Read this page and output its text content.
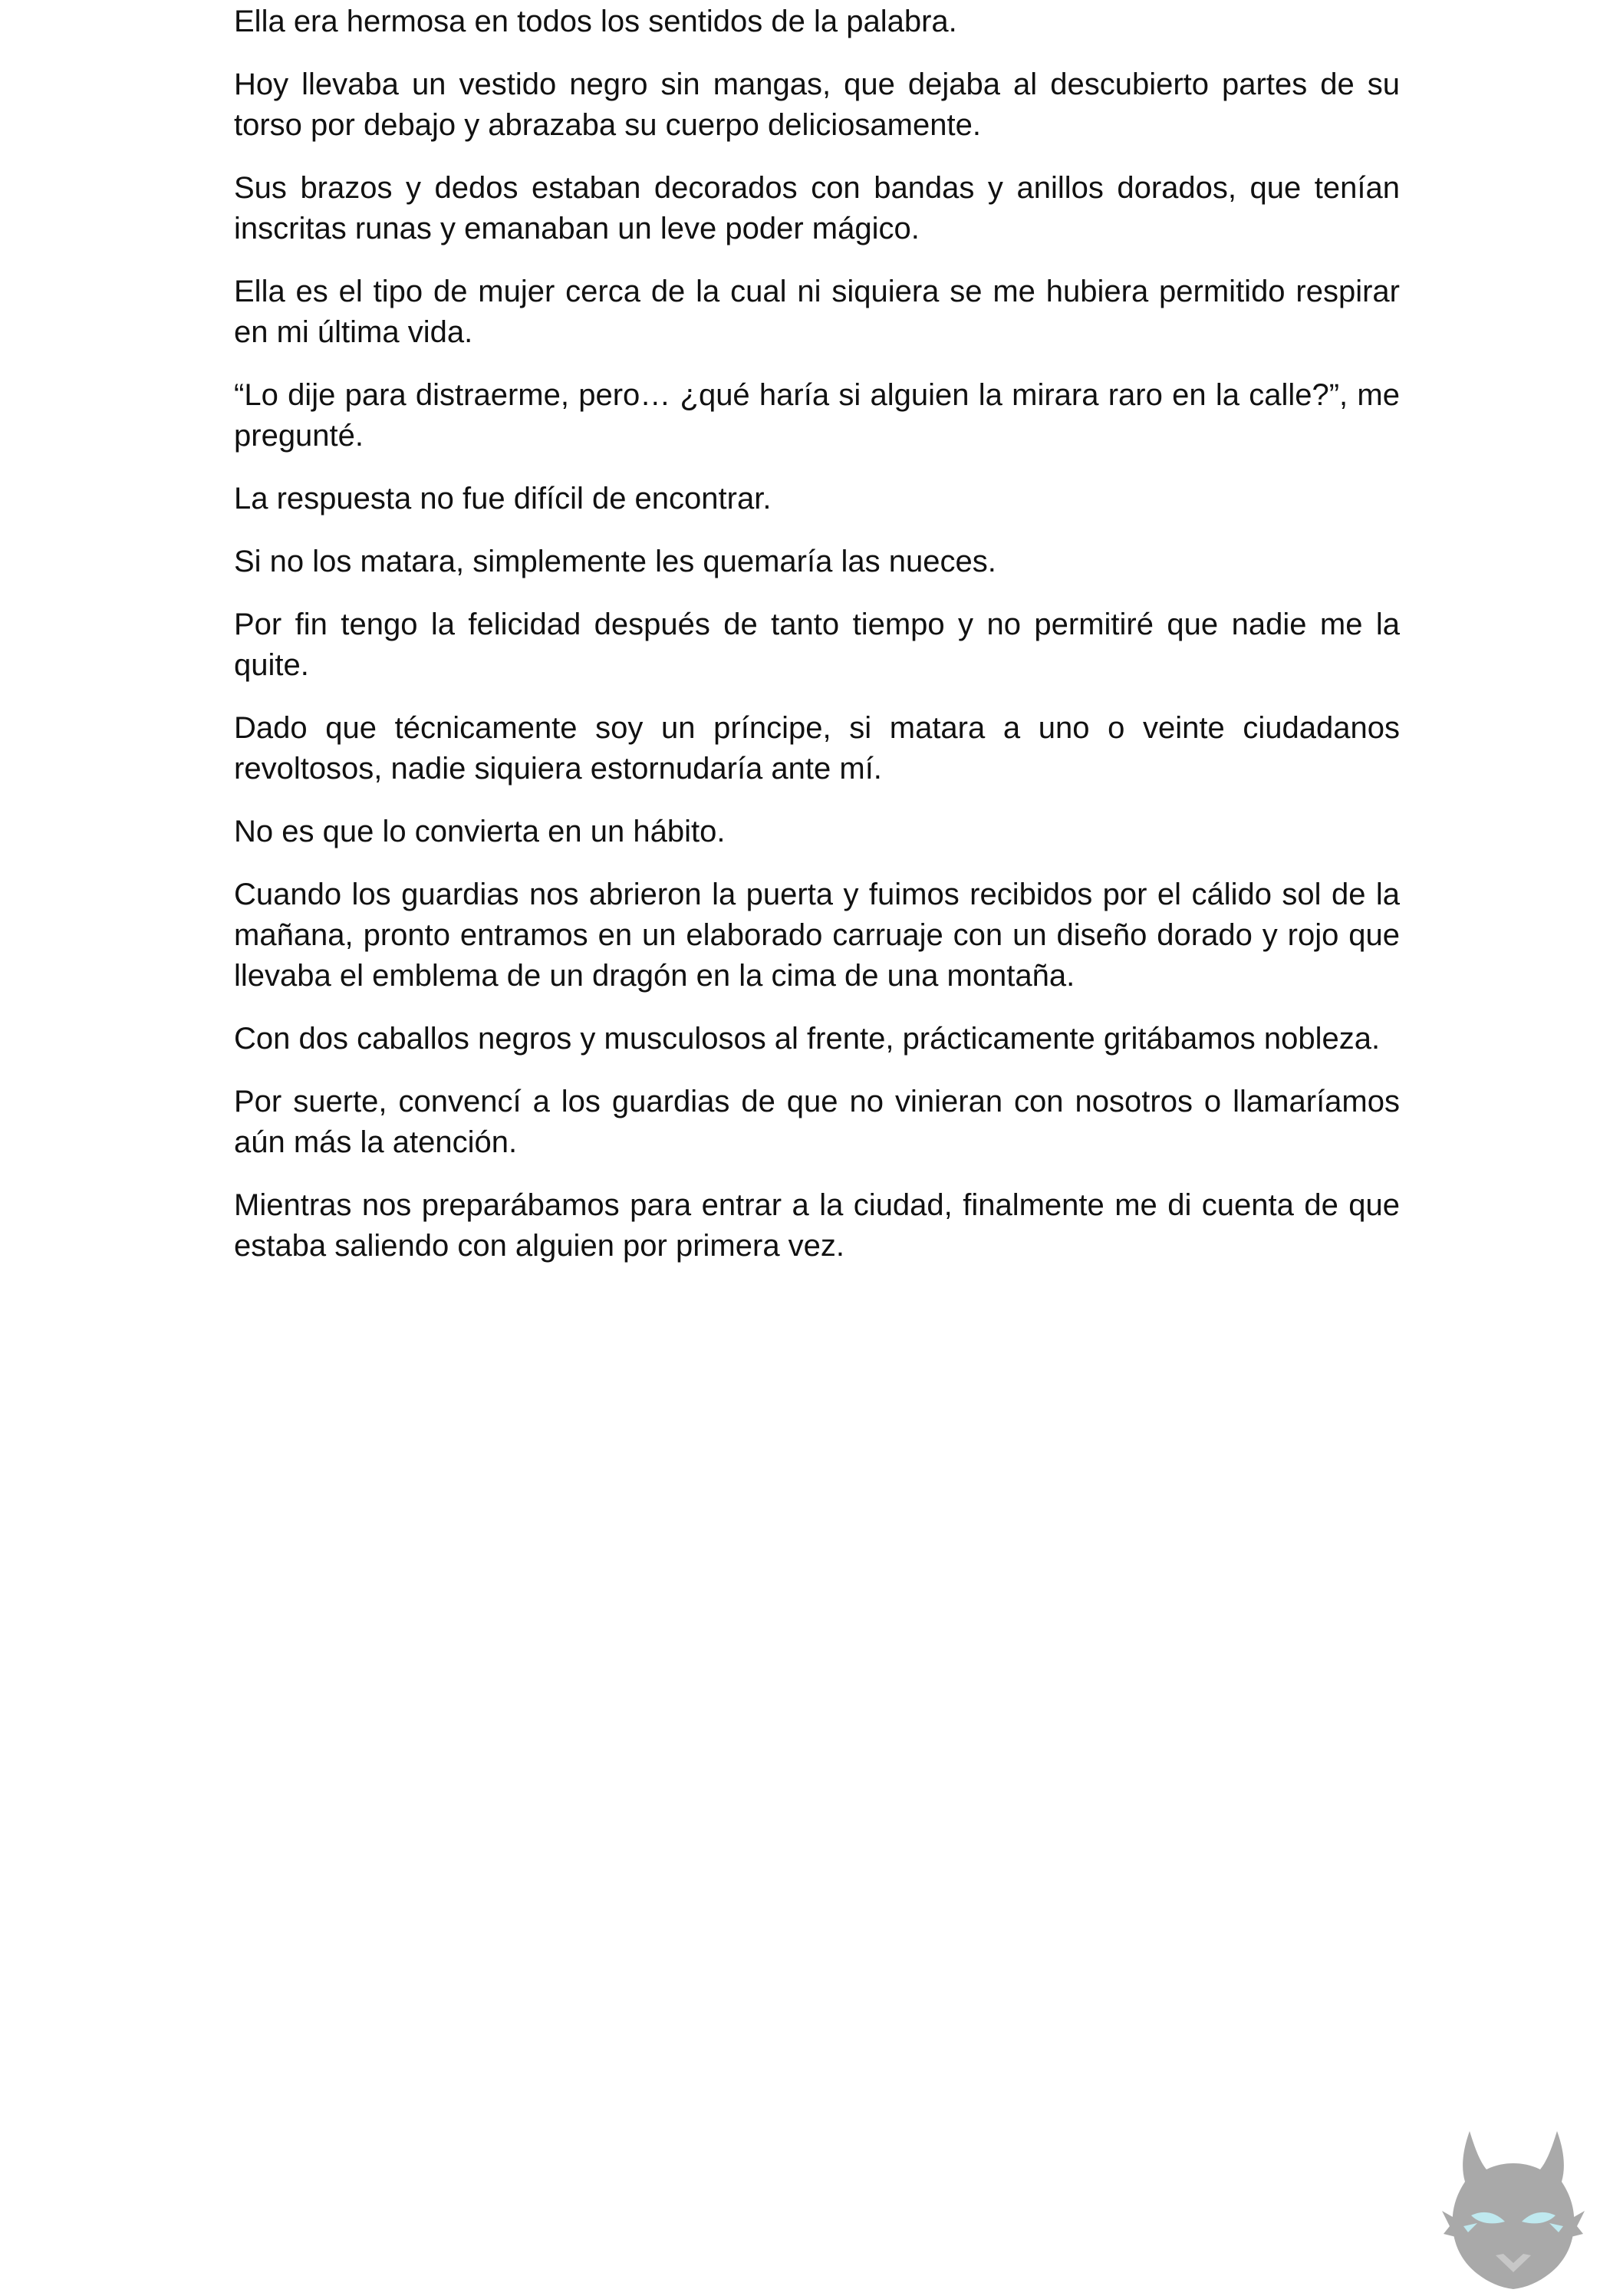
Ella era hermosa en todos los sentidos de la palabra.

Hoy llevaba un vestido negro sin mangas, que dejaba al descubierto partes de su torso por debajo y abrazaba su cuerpo deliciosamente.

Sus brazos y dedos estaban decorados con bandas y anillos dorados, que tenían inscritas runas y emanaban un leve poder mágico.

Ella es el tipo de mujer cerca de la cual ni siquiera se me hubiera permitido respirar en mi última vida.

“Lo dije para distraerme, pero… ¿qué haría si alguien la mirara raro en la calle?”, me pregunté.

La respuesta no fue difícil de encontrar.

Si no los matara, simplemente les quemaría las nueces.

Por fin tengo la felicidad después de tanto tiempo y no permitiré que nadie me la quite.

Dado que técnicamente soy un príncipe, si matara a uno o veinte ciudadanos revoltosos, nadie siquiera estornudaría ante mí.

No es que lo convierta en un hábito.

Cuando los guardias nos abrieron la puerta y fuimos recibidos por el cálido sol de la mañana, pronto entramos en un elaborado carruaje con un diseño dorado y rojo que llevaba el emblema de un dragón en la cima de una montaña.

Con dos caballos negros y musculosos al frente, prácticamente gritábamos nobleza.

Por suerte, convencí a los guardias de que no vinieran con nosotros o llamaríamos aún más la atención.

Mientras nos preparábamos para entrar a la ciudad, finalmente me di cuenta de que estaba saliendo con alguien por primera vez.
